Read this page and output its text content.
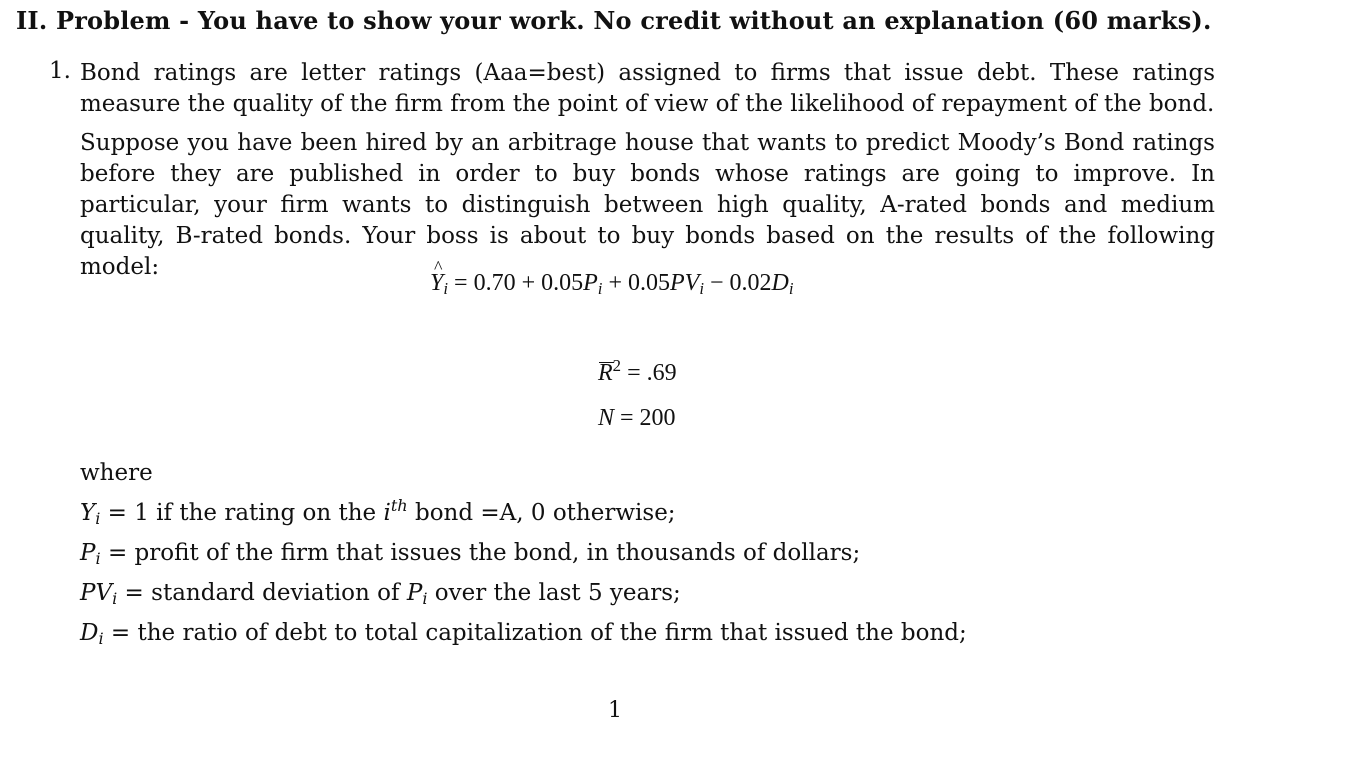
II. Problem - You have to show your work. No credit without an explanation (60 marks).
1. Bond ratings are letter ratings (Aaa=best) assigned to firms that issue debt. These ratings measure the quality of the firm from the point of view of the likelihood of repayment of the bond.
Suppose you have been hired by an arbitrage house that wants to predict Moody’s Bond ratings before they are published in order to buy bonds whose ratings are going to improve. In particular, your firm wants to distinguish between high quality, A-rated bonds and medium quality, B-rated bonds. Your boss is about to buy bonds based on the results of the following model:
^ $Y_i = 0.70 + 0.05P_i + 0.05PV_i - 0.02D_i$
$R^2 = .69$
N = 200
where
$Y_i = 1$ if the rating on the $i^{th}$ bond =A, 0 otherwise;
$P_i$ = profit of the firm that issues the bond, in thousands of dollars;
$PV_i$ = standard deviation of $P_i$ over the last 5 years;
$D_i$ = the ratio of debt to total capitalization of the firm that issued the bond;
1
